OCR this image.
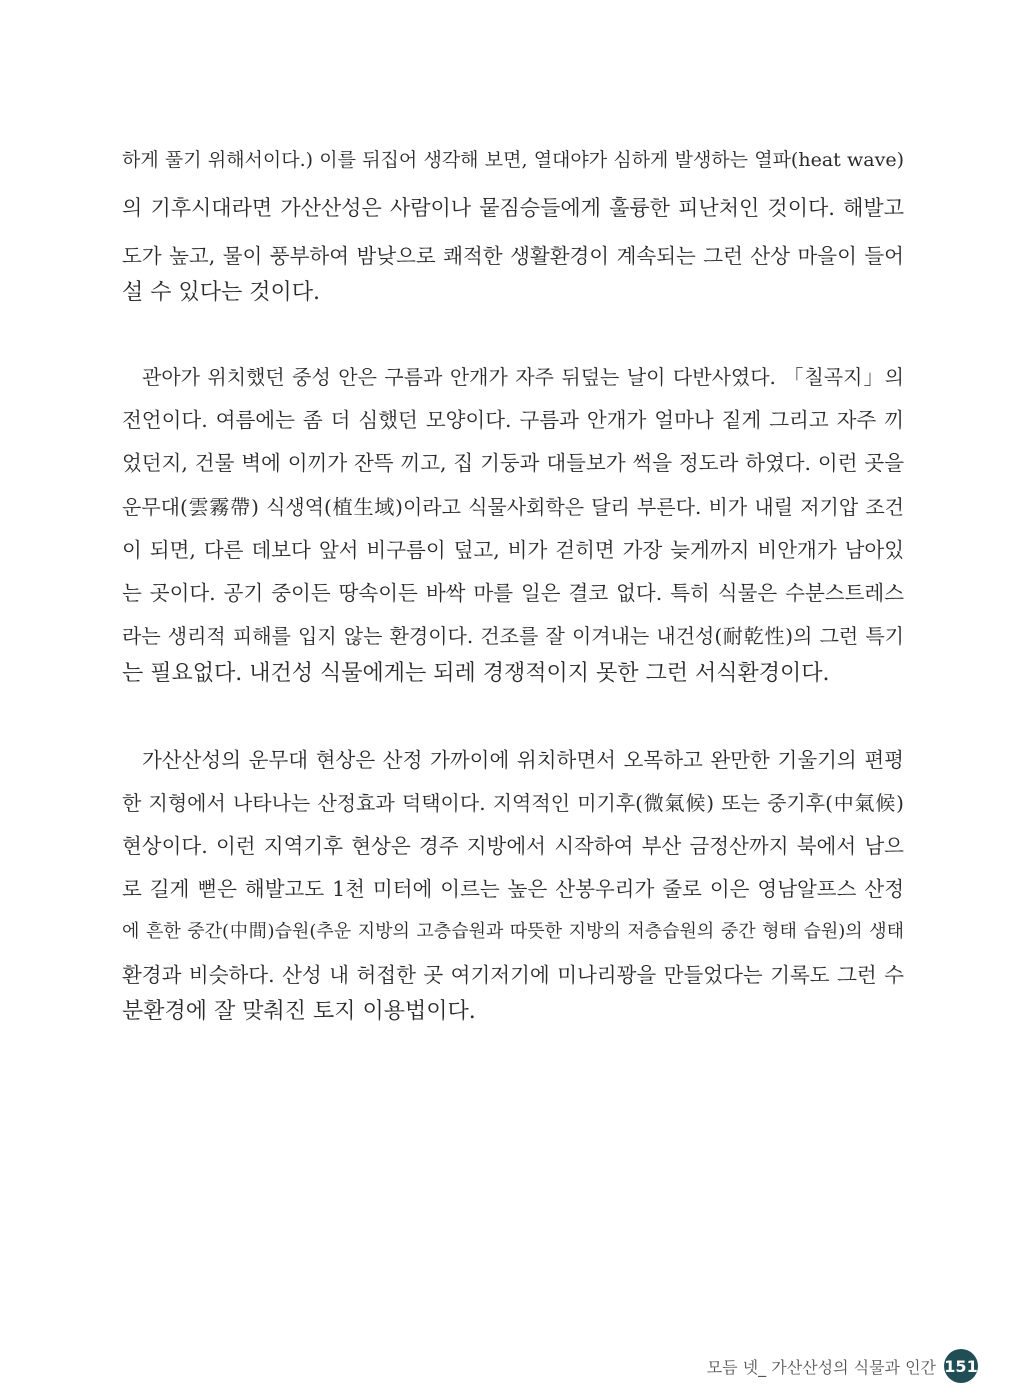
하게 풀기 위해서이다.) 이를 뒤집어 생각해 보면, 열대야가 심하게 발생하는 열파(heat wave)
의 기후시대라면 가산산성은 사람이나 뭍짐승들에게 훌륭한 피난처인 것이다. 해발고
도가 높고, 물이 풍부하여 밤낮으로 쾌적한 생활환경이 계속되는 그런 산상 마을이 들어
설 수 있다는 것이다.
관아가 위치했던 중성 안은 구름과 안개가 자주 뒤덮는 날이 다반사였다. 「칠곡지」의
전언이다. 여름에는 좀 더 심했던 모양이다. 구름과 안개가 얼마나 짙게 그리고 자주 끼
었던지, 건물 벽에 이끼가 잔뜩 끼고, 집 기둥과 대들보가 썩을 정도라 하였다. 이런 곳을
운무대(雲霧帶) 식생역(植生域)이라고 식물사회학은 달리 부른다. 비가 내릴 저기압 조건
이 되면, 다른 데보다 앞서 비구름이 덮고, 비가 걷히면 가장 늦게까지 비안개가 남아있
는 곳이다. 공기 중이든 땅속이든 바싹 마를 일은 결코 없다. 특히 식물은 수분스트레스
라는 생리적 피해를 입지 않는 환경이다. 건조를 잘 이겨내는 내건성(耐乾性)의 그런 특기
는 필요없다. 내건성 식물에게는 되레 경쟁적이지 못한 그런 서식환경이다.
가산산성의 운무대 현상은 산정 가까이에 위치하면서 오목하고 완만한 기울기의 편평
한 지형에서 나타나는 산정효과 덕택이다. 지역적인 미기후(微氣候) 또는 중기후(中氣候)
현상이다. 이런 지역기후 현상은 경주 지방에서 시작하여 부산 금정산까지 북에서 남으
로 길게 뻗은 해발고도 1천 미터에 이르는 높은 산봉우리가 줄로 이은 영남알프스 산정
에 흔한 중간(中間)습원(추운 지방의 고층습원과 따뜻한 지방의 저층습원의 중간 형태 습원)의 생태
환경과 비슷하다. 산성 내 허접한 곳 여기저기에 미나리꽝을 만들었다는 기록도 그런 수
분환경에 잘 맞춰진 토지 이용법이다.
모듬 넷_ 가산산성의 식물과 인간 151
